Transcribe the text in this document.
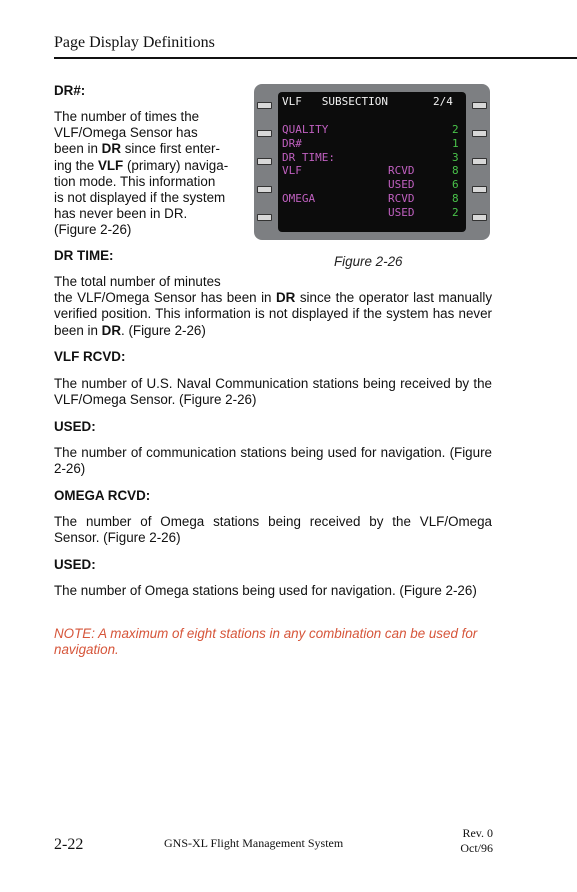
Page Display Definitions
DR#:
The number of times the
VLF/Omega Sensor has
been in DR since first enter-
ing the VLF (primary) naviga-
tion mode. This information
is not displayed if the system
has never been in DR.
(Figure 2-26)
VLF   SUBSECTION	2/4
QUALITY	2
DR#	1
DR TIME:	3
VLF	RCVD	8
USED	6
OMEGA	RCVD	8
USED	2
Figure 2-26
DR TIME:
The total number of minutes
the VLF/Omega Sensor has been in DR since the operator last manually verified position. This information is not displayed if the system has never been in DR. (Figure 2-26)
VLF RCVD:
The number of U.S. Naval Communication stations being received by the VLF/Omega Sensor. (Figure 2-26)
USED:
The number of communication stations being used for navigation. (Figure 2-26)
OMEGA RCVD:
The number of Omega stations being received by the VLF/Omega Sensor. (Figure 2-26)
USED:
The number of Omega stations being used for navigation. (Figure 2-26)
NOTE: A maximum of eight stations in any combination can be used for navigation.
2-22	GNS-XL Flight Management System
Rev. 0
Oct/96
